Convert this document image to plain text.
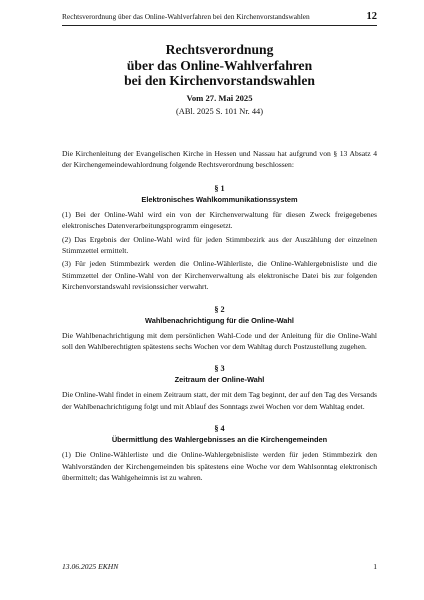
Rechtsverordnung über das Online-Wahlverfahren bei den Kirchenvorstandswahlen	12
Rechtsverordnung
über das Online-Wahlverfahren
bei den Kirchenvorstandswahlen
Vom 27. Mai 2025
(ABl. 2025 S. 101 Nr. 44)

Die Kirchenleitung der Evangelischen Kirche in Hessen und Nassau hat aufgrund von § 13 Absatz 4 der Kirchengemeindewahlordnung folgende Rechtsverordnung beschlossen:

§ 1

Elektronisches Wahlkommunikationssystem

(1) Bei der Online-Wahl wird ein von der Kirchenverwaltung für diesen Zweck freigegebenes elektronisches Datenverarbeitungsprogramm eingesetzt.

(2) Das Ergebnis der Online-Wahl wird für jeden Stimmbezirk aus der Auszählung der einzelnen Stimmzettel ermittelt.

(3) Für jeden Stimmbezirk werden die Online-Wählerliste, die Online-Wahlergebnisliste und die Stimmzettel der Online-Wahl von der Kirchenverwaltung als elektronische Datei bis zur folgenden Kirchenvorstandswahl revisionssicher verwahrt.

§ 2

Wahlbenachrichtigung für die Online-Wahl

Die Wahlbenachrichtigung mit dem persönlichen Wahl-Code und der Anleitung für die Online-Wahl soll den Wahlberechtigten spätestens sechs Wochen vor dem Wahltag durch Postzustellung zugehen.

§ 3

Zeitraum der Online-Wahl

Die Online-Wahl findet in einem Zeitraum statt, der mit dem Tag beginnt, der auf den Tag des Versands der Wahlbenachrichtigung folgt und mit Ablauf des Sonntags zwei Wochen vor dem Wahltag endet.

§ 4

Übermittlung des Wahlergebnisses an die Kirchengemeinden

(1) Die Online-Wählerliste und die Online-Wahlergebnisliste werden für jeden Stimmbezirk den Wahlvorständen der Kirchengemeinden bis spätestens eine Woche vor dem Wahlsonntag elektronisch übermittelt; das Wahlgeheimnis ist zu wahren.

13.06.2025 EKHN	1
